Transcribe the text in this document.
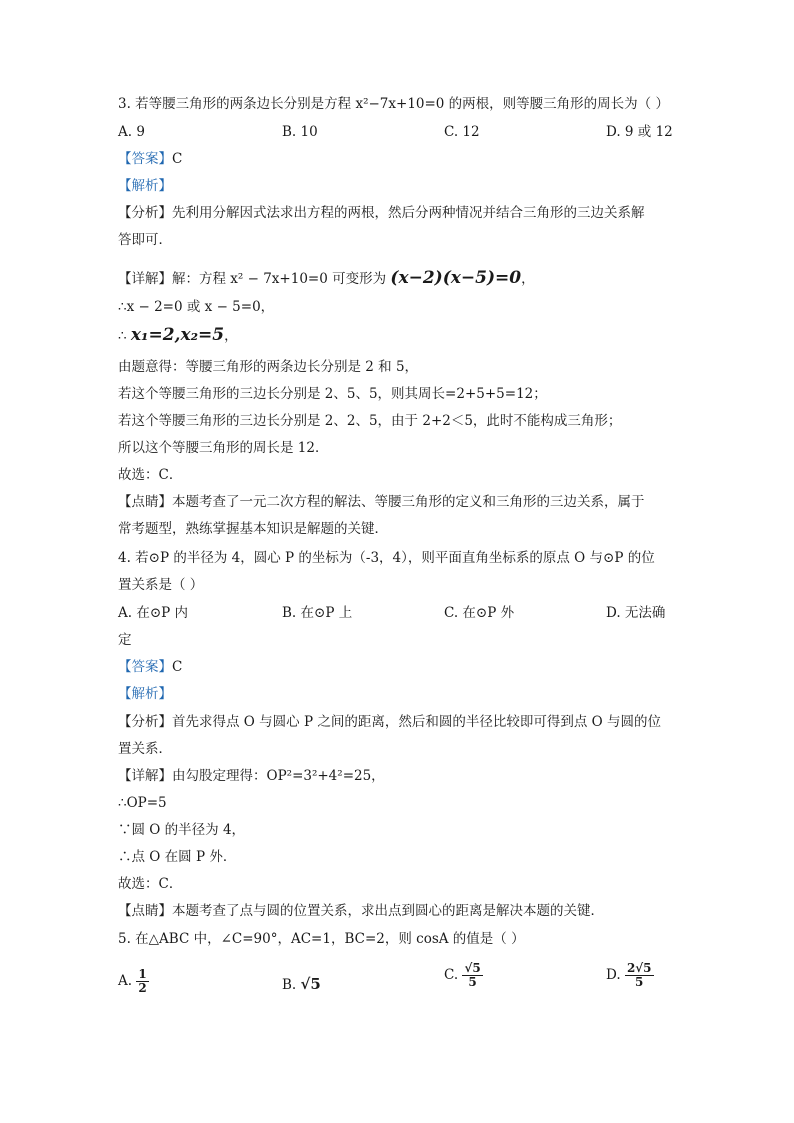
3. 若等腰三角形的两条边长分别是方程 x²−7x+10=0 的两根，则等腰三角形的周长为（ ）
A. 9	B. 10	C. 12	D. 9 或 12
【答案】C
【解析】
【分析】先利用分解因式法求出方程的两根，然后分两种情况并结合三角形的三边关系解
答即可．
【详解】解：方程 x² − 7x+10=0 可变形为 (x−2)(x−5)=0，
∴x − 2=0 或 x − 5=0，
∴ x₁=2,x₂=5，
由题意得：等腰三角形的两条边长分别是 2 和 5，
若这个等腰三角形的三边长分别是 2、5、5，则其周长=2+5+5=12；
若这个等腰三角形的三边长分别是 2、2、5，由于 2+2＜5，此时不能构成三角形；
所以这个等腰三角形的周长是 12．
故选：C．
【点睛】本题考查了一元二次方程的解法、等腰三角形的定义和三角形的三边关系，属于
常考题型，熟练掌握基本知识是解题的关键．
4. 若⊙P 的半径为 4，圆心 P 的坐标为（-3，4），则平面直角坐标系的原点 O 与⊙P 的位
置关系是（ ）
A. 在⊙P 内	B. 在⊙P 上	C. 在⊙P 外	D. 无法确
定
【答案】C
【解析】
【分析】首先求得点 O 与圆心 P 之间的距离，然后和圆的半径比较即可得到点 O 与圆的位
置关系．
【详解】由勾股定理得：OP²=3²+4²=25，
∴OP=5
∵圆 O 的半径为 4，
∴点 O 在圆 P 外．
故选：C．
【点睛】本题考查了点与圆的位置关系，求出点到圆心的距离是解决本题的关键．
5. 在△ABC 中，∠C=90°，AC=1，BC=2，则 cosA 的值是（ ）
A. $\frac{1}{2}$	B. √5	C. $\frac{√5}{5}$	D. $\frac{2√5}{5}$
